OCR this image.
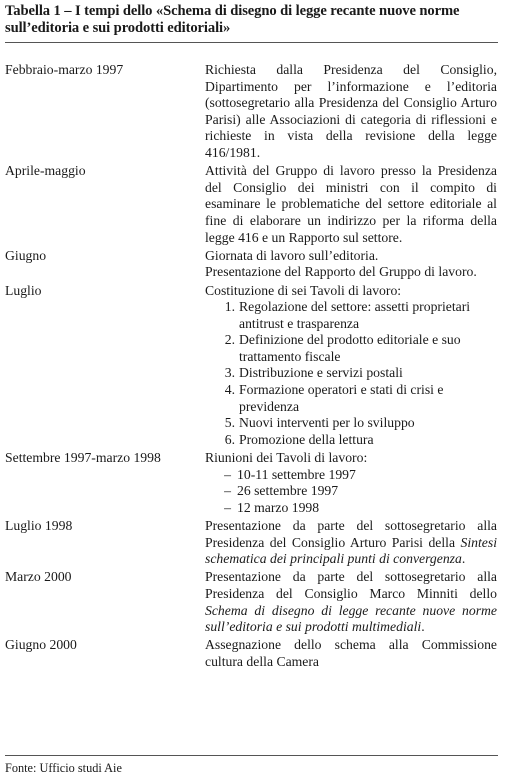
Tabella 1 – I tempi dello «Schema di disegno di legge recante nuove norme sull’editoria e sui prodotti editoriali»
Febbraio-marzo 1997	Richiesta dalla Presidenza del Consiglio, Dipartimento per l’informazione e l’editoria (sottosegretario alla Presidenza del Consiglio Arturo Parisi) alle Associazioni di categoria di riflessioni e richieste in vista della revisione della legge 416/1981.
Aprile-maggio	Attività del Gruppo di lavoro presso la Presidenza del Consiglio dei ministri con il compito di esaminare le problematiche del settore editoriale al fine di elaborare un indirizzo per la riforma della legge 416 e un Rapporto sul settore.
Giugno	Giornata di lavoro sull’editoria.
Presentazione del Rapporto del Gruppo di lavoro.
Luglio	Costituzione di sei Tavoli di lavoro:
1. Regolazione del settore: assetti proprietari antitrust e trasparenza
2. Definizione del prodotto editoriale e suo trattamento fiscale
3. Distribuzione e servizi postali
4. Formazione operatori e stati di crisi e previdenza
5. Nuovi interventi per lo sviluppo
6. Promozione della lettura
Settembre 1997-marzo 1998	Riunioni dei Tavoli di lavoro:
– 10-11 settembre 1997
– 26 settembre 1997
– 12 marzo 1998
Luglio 1998	Presentazione da parte del sottosegretario alla Presidenza del Consiglio Arturo Parisi della Sintesi schematica dei principali punti di convergenza.
Marzo 2000	Presentazione da parte del sottosegretario alla Presidenza del Consiglio Marco Minniti dello Schema di disegno di legge recante nuove norme sull’editoria e sui prodotti multimediali.
Giugno 2000	Assegnazione dello schema alla Commissione cultura della Camera
Fonte: Ufficio studi Aie
